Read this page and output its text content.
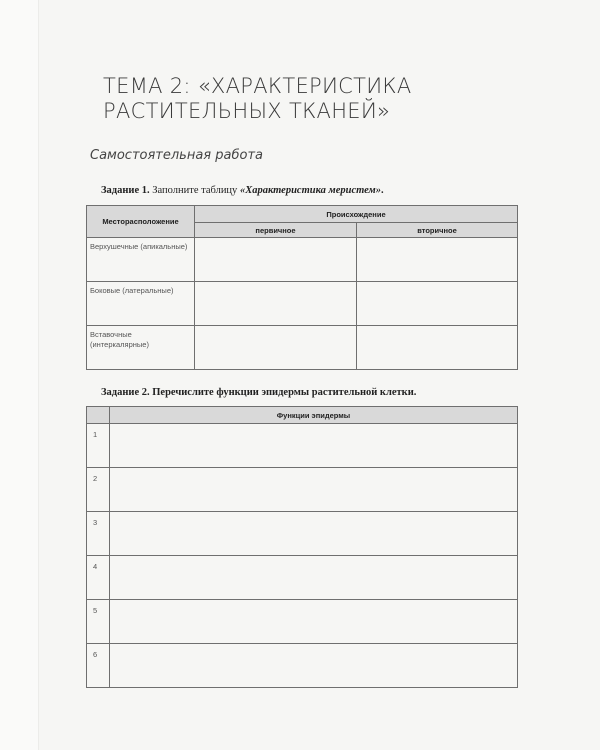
ТЕМА 2: «ХАРАКТЕРИСТИКА
РАСТИТЕЛЬНЫХ ТКАНЕЙ»
Самостоятельная работа
Задание 1. Заполните таблицу «Характеристика меристем».
Месторасположение	Происхождение	
	первичное	вторичное
Верхушечные (апикальные)		
Боковые (латеральные)		
Вставочные (интеркалярные)		
Задание 2. Перечислите функции эпидермы растительной клетки.
	Функции эпидермы
1	
2	
3	
4	
5	
6	
